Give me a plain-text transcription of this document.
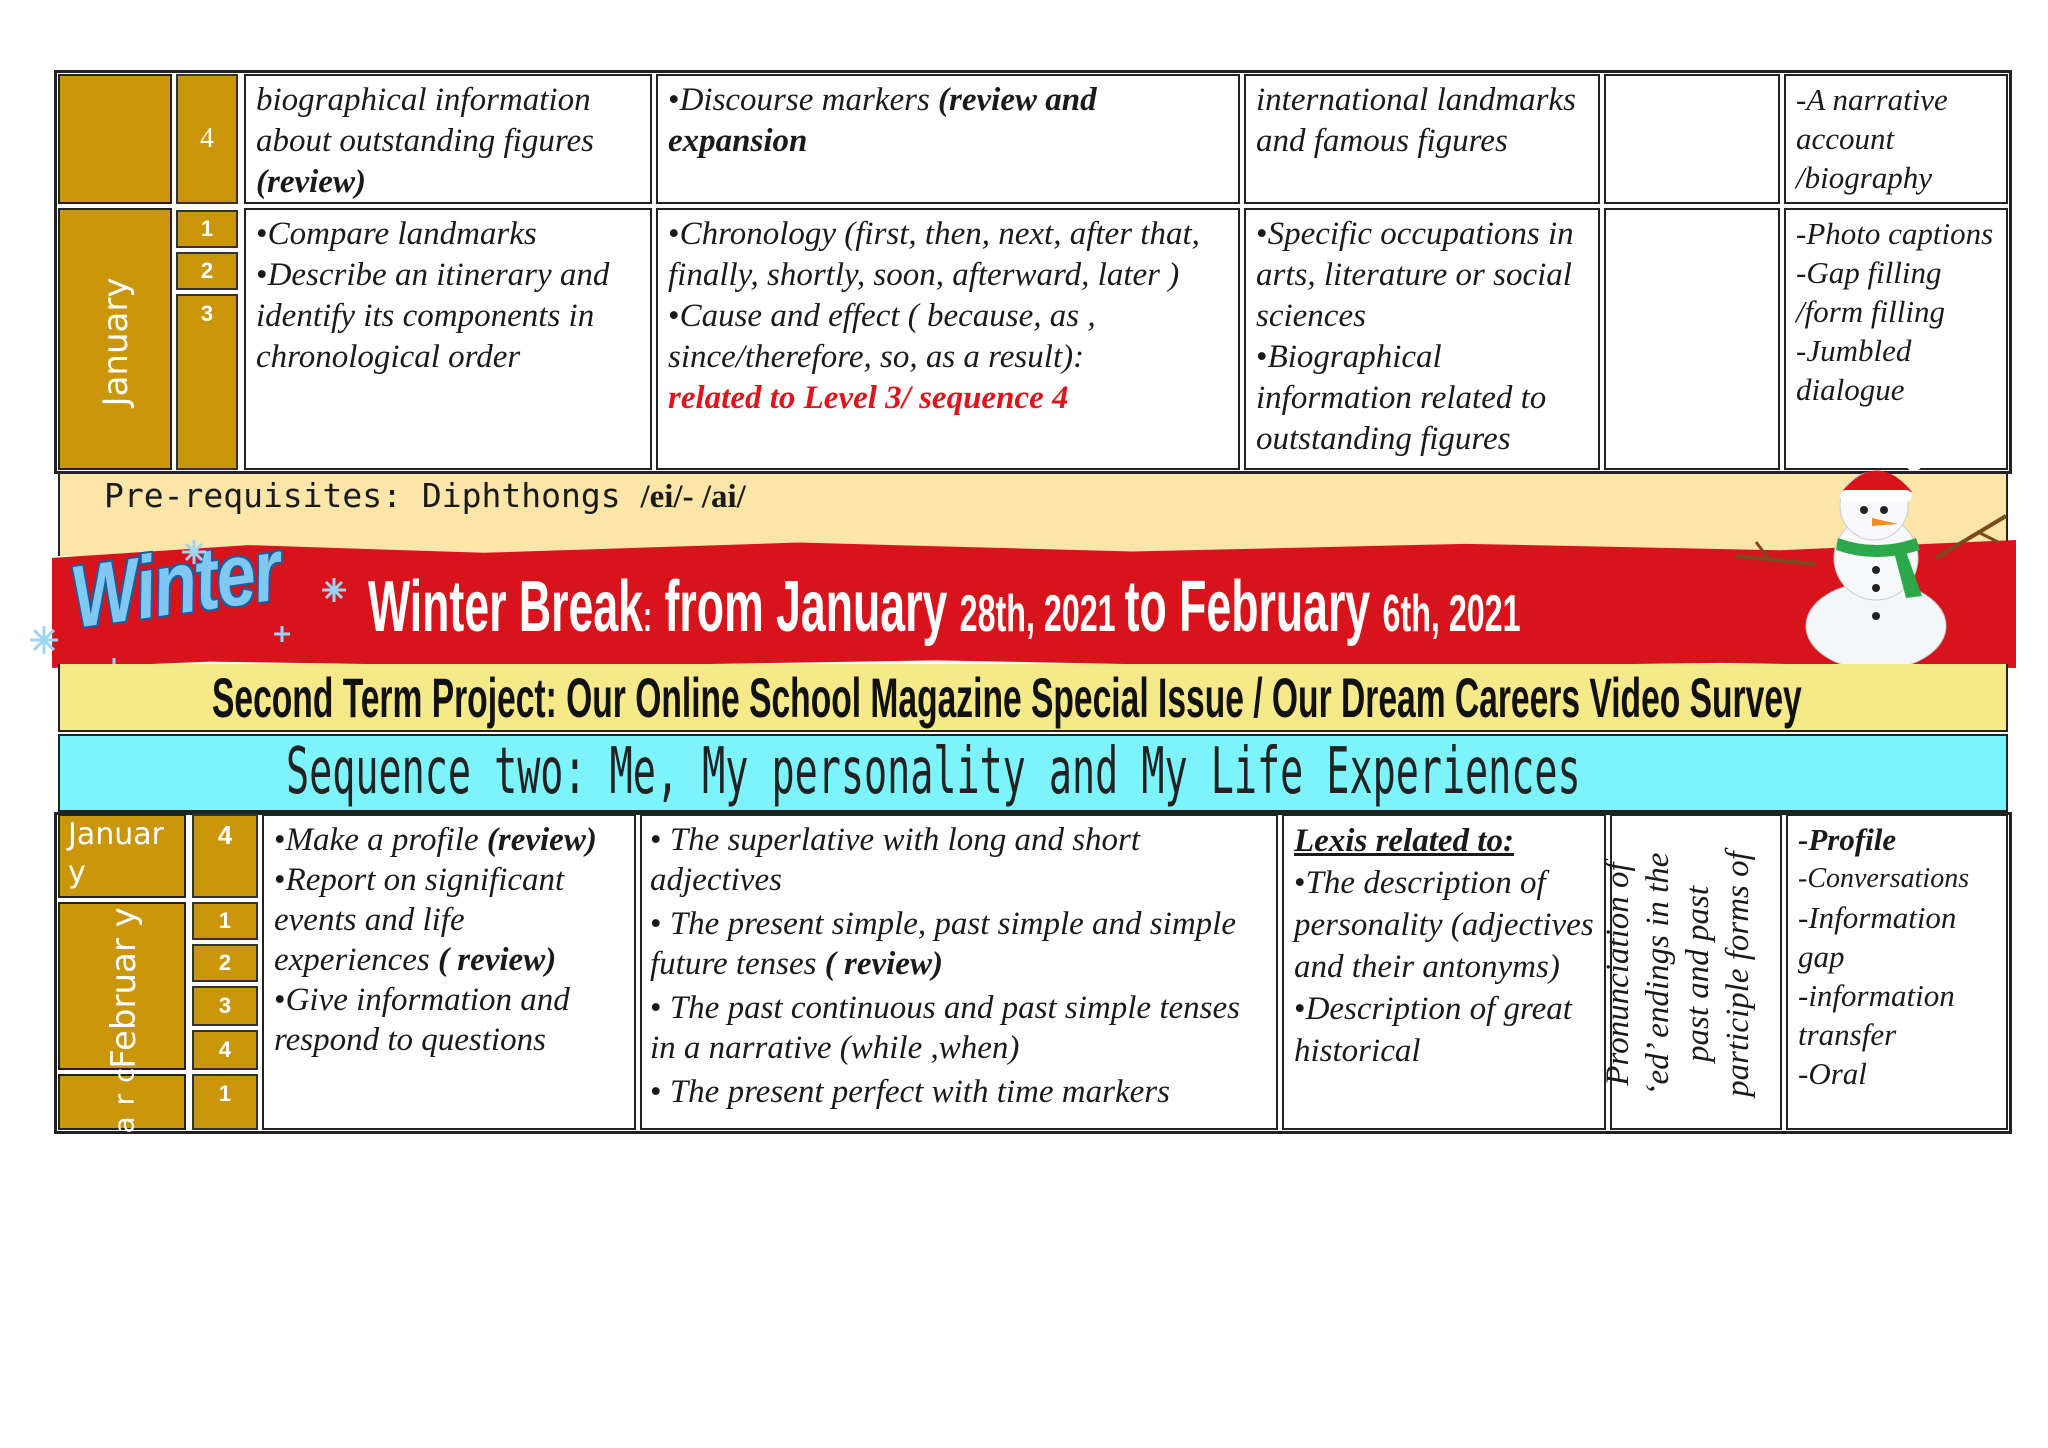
January
4
1
2
3
biographical information about outstanding figures (review)
• Discourse markers (review and expansion
international landmarks and famous figures
-A narrative account /biography
• Compare landmarks
• Describe an itinerary and identify its components in chronological order
• Chronology (first, then, next, after that, finally, shortly, soon, afterward, later )
• Cause and effect ( because, as , since/therefore, so, as a result):
related to Level 3/ sequence 4
• Specific occupations in arts, literature or social sciences
• Biographical information related to outstanding figures
-Photo captions
-Gap filling /form filling
-Jumbled dialogue
Pre-requisites: Diphthongs /ei/- /ai/
Winter Winter Break: from January 28th, 2021 to February 6th, 2021
Second Term Project: Our Online School Magazine Special Issue / Our Dream Careers Video Survey
Sequence two: Me, My personality and My Life Experiences
Januar y
Februar y
a r c
4
1
2
3
4
1
• Make a profile (review)
• Report on significant events and life experiences ( review)
• Give information and respond to questions
• The superlative with long and short adjectives
• The present simple, past simple and simple future tenses ( review)
• The past continuous and past simple tenses in a narrative (while ,when)
• The present perfect with time markers
Lexis related to:
• The description of personality (adjectives and their antonyms)
• Description of great historical	Pronunciation of ‘ed’ endings in the past and past participle forms of
-Profile
-Conversations
-Information gap
-information transfer
-Oral
